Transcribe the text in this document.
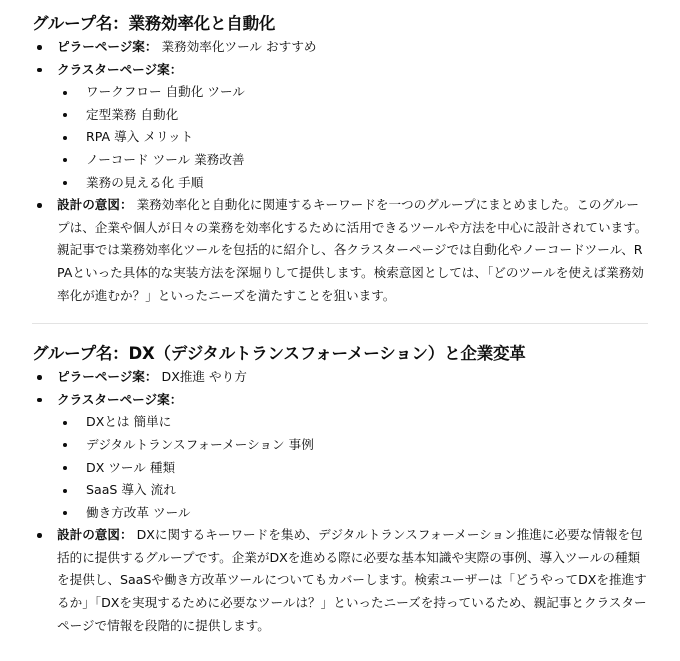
グループ名：業務効率化と自動化
ピラーページ案： 業務効率化ツール おすすめ
クラスターページ案：
ワークフロー 自動化 ツール
定型業務 自動化
RPA 導入 メリット
ノーコード ツール 業務改善
業務の見える化 手順
設計の意図： 業務効率化と自動化に関連するキーワードを一つのグループにまとめました。このグループは、企業や個人が日々の業務を効率化するために活用できるツールや方法を中心に設計されています。親記事では業務効率化ツールを包括的に紹介し、各クラスターページでは自動化やノーコードツール、RPAといった具体的な実装方法を深堀りして提供します。検索意図としては、「どのツールを使えば業務効率化が進むか？」といったニーズを満たすことを狙います。
グループ名：DX（デジタルトランスフォーメーション）と企業変革
ピラーページ案： DX推進 やり方
クラスターページ案：
DXとは 簡単に
デジタルトランスフォーメーション 事例
DX ツール 種類
SaaS 導入 流れ
働き方改革 ツール
設計の意図： DXに関するキーワードを集め、デジタルトランスフォーメーション推進に必要な情報を包括的に提供するグループです。企業がDXを進める際に必要な基本知識や実際の事例、導入ツールの種類を提供し、SaaSや働き方改革ツールについてもカバーします。検索ユーザーは「どうやってDXを推進するか」「DXを実現するために必要なツールは？」といったニーズを持っているため、親記事とクラスターページで情報を段階的に提供します。
